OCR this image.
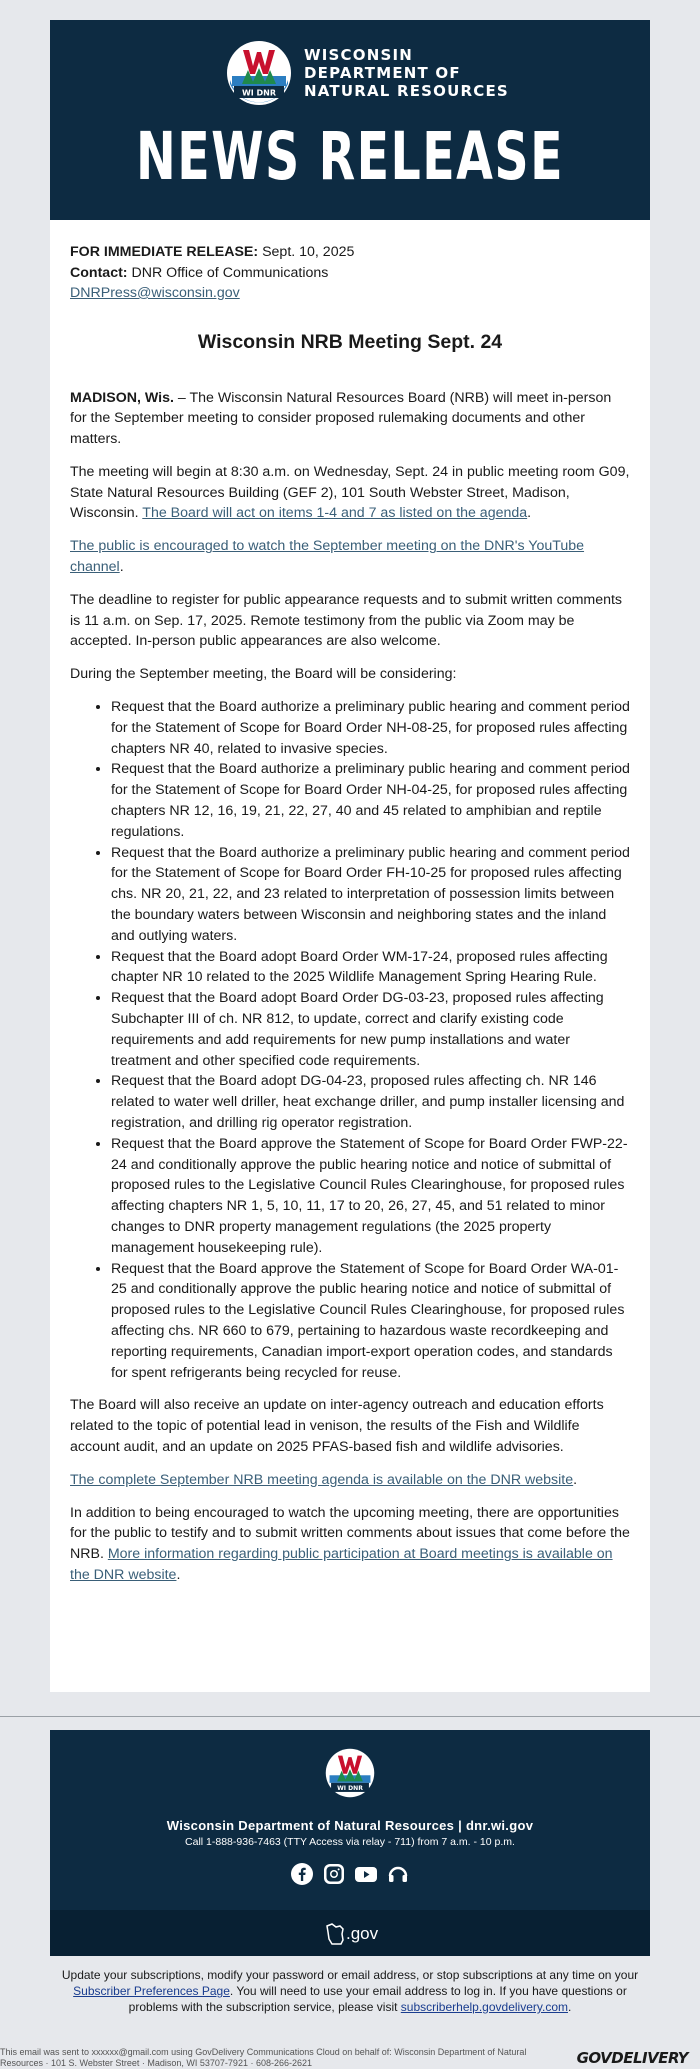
WI DNR
WISCONSIN
DEPARTMENT OF
NATURAL RESOURCES
NEWS RELEASE
FOR IMMEDIATE RELEASE: Sept. 10, 2025
Contact: DNR Office of Communications
DNRPress@wisconsin.gov
Wisconsin NRB Meeting Sept. 24

MADISON, Wis. – The Wisconsin Natural Resources Board (NRB) will meet in-person for the September meeting to consider proposed rulemaking documents and other matters.

The meeting will begin at 8:30 a.m. on Wednesday, Sept. 24 in public meeting room G09, State Natural Resources Building (GEF 2), 101 South Webster Street, Madison, Wisconsin. The Board will act on items 1-4 and 7 as listed on the agenda.

The public is encouraged to watch the September meeting on the DNR's YouTube channel.

The deadline to register for public appearance requests and to submit written comments is 11 a.m. on Sep. 17, 2025. Remote testimony from the public via Zoom may be accepted. In-person public appearances are also welcome.

During the September meeting, the Board will be considering:

• Request that the Board authorize a preliminary public hearing and comment period for the Statement of Scope for Board Order NH-08-25, for proposed rules affecting chapters NR 40, related to invasive species.
• Request that the Board authorize a preliminary public hearing and comment period for the Statement of Scope for Board Order NH-04-25, for proposed rules affecting chapters NR 12, 16, 19, 21, 22, 27, 40 and 45 related to amphibian and reptile regulations.
• Request that the Board authorize a preliminary public hearing and comment period for the Statement of Scope for Board Order FH-10-25 for proposed rules affecting chs. NR 20, 21, 22, and 23 related to interpretation of possession limits between the boundary waters between Wisconsin and neighboring states and the inland and outlying waters.
• Request that the Board adopt Board Order WM-17-24, proposed rules affecting chapter NR 10 related to the 2025 Wildlife Management Spring Hearing Rule.
• Request that the Board adopt Board Order DG-03-23, proposed rules affecting Subchapter III of ch. NR 812, to update, correct and clarify existing code requirements and add requirements for new pump installations and water treatment and other specified code requirements.
• Request that the Board adopt DG-04-23, proposed rules affecting ch. NR 146 related to water well driller, heat exchange driller, and pump installer licensing and registration, and drilling rig operator registration.
• Request that the Board approve the Statement of Scope for Board Order FWP-22-24 and conditionally approve the public hearing notice and notice of submittal of proposed rules to the Legislative Council Rules Clearinghouse, for proposed rules affecting chapters NR 1, 5, 10, 11, 17 to 20, 26, 27, 45, and 51 related to minor changes to DNR property management regulations (the 2025 property management housekeeping rule).
• Request that the Board approve the Statement of Scope for Board Order WA-01-25 and conditionally approve the public hearing notice and notice of submittal of proposed rules to the Legislative Council Rules Clearinghouse, for proposed rules affecting chs. NR 660 to 679, pertaining to hazardous waste recordkeeping and reporting requirements, Canadian import-export operation codes, and standards for spent refrigerants being recycled for reuse.

The Board will also receive an update on inter-agency outreach and education efforts related to the topic of potential lead in venison, the results of the Fish and Wildlife account audit, and an update on 2025 PFAS-based fish and wildlife advisories.

The complete September NRB meeting agenda is available on the DNR website.

In addition to being encouraged to watch the upcoming meeting, there are opportunities for the public to testify and to submit written comments about issues that come before the NRB. More information regarding public participation at Board meetings is available on the DNR website.

WI DNR
Wisconsin Department of Natural Resources | dnr.wi.gov
Call 1-888-936-7463 (TTY Access via relay - 711) from 7 a.m. - 10 p.m.
.gov
Update your subscriptions, modify your password or email address, or stop subscriptions at any time on your Subscriber Preferences Page. You will need to use your email address to log in. If you have questions or problems with the subscription service, please visit subscriberhelp.govdelivery.com.
This email was sent to xxxxxx@gmail.com using GovDelivery Communications Cloud on behalf of: Wisconsin Department of Natural
Resources · 101 S. Webster Street · Madison, WI 53707-7921 · 608-266-2621	GOVDELIVERY
